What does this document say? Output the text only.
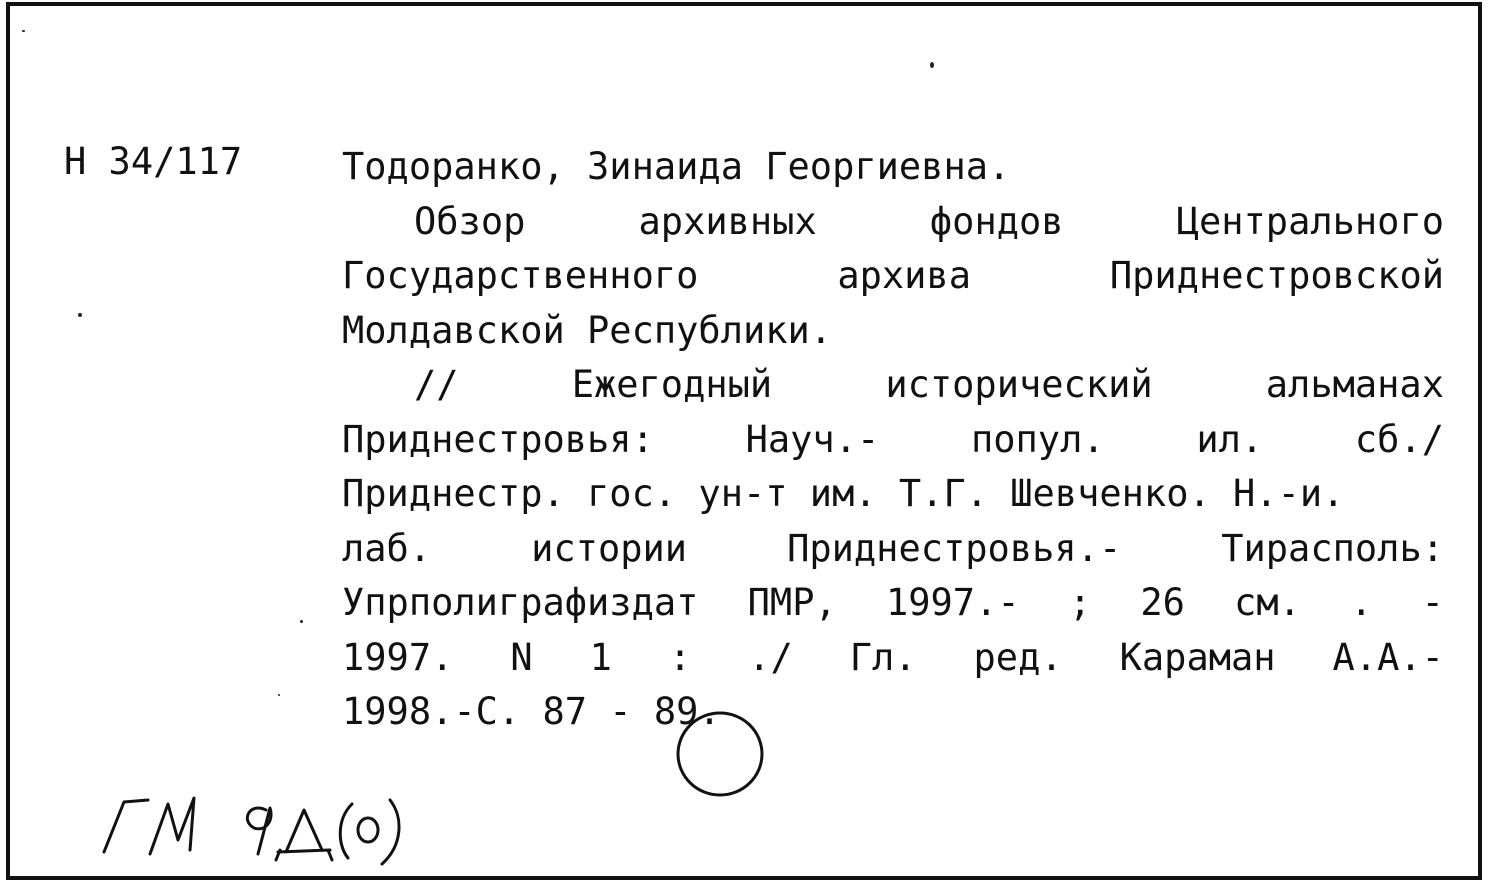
Н 34/117	Тодоранко, Зинаида Георгиевна.
Обзор	архивных	фондов	Центрального
Государственного	архива	Приднестровской
Молдавской Республики.
//	Ежегодный	исторический	альманах
Приднестровья: Науч.- попул. ил. сб./
Приднестр. гос. ун-т им. Т.Г. Шевченко. Н.-и.
лаб.	истории	Приднестровья.-	Тирасполь:
Упрполиграфиздат ПМР, 1997.- ; 26 см. . -
1997. N 1 : ./ Гл. ред. Караман А.А.-
1998.-С. 87 - 89.
